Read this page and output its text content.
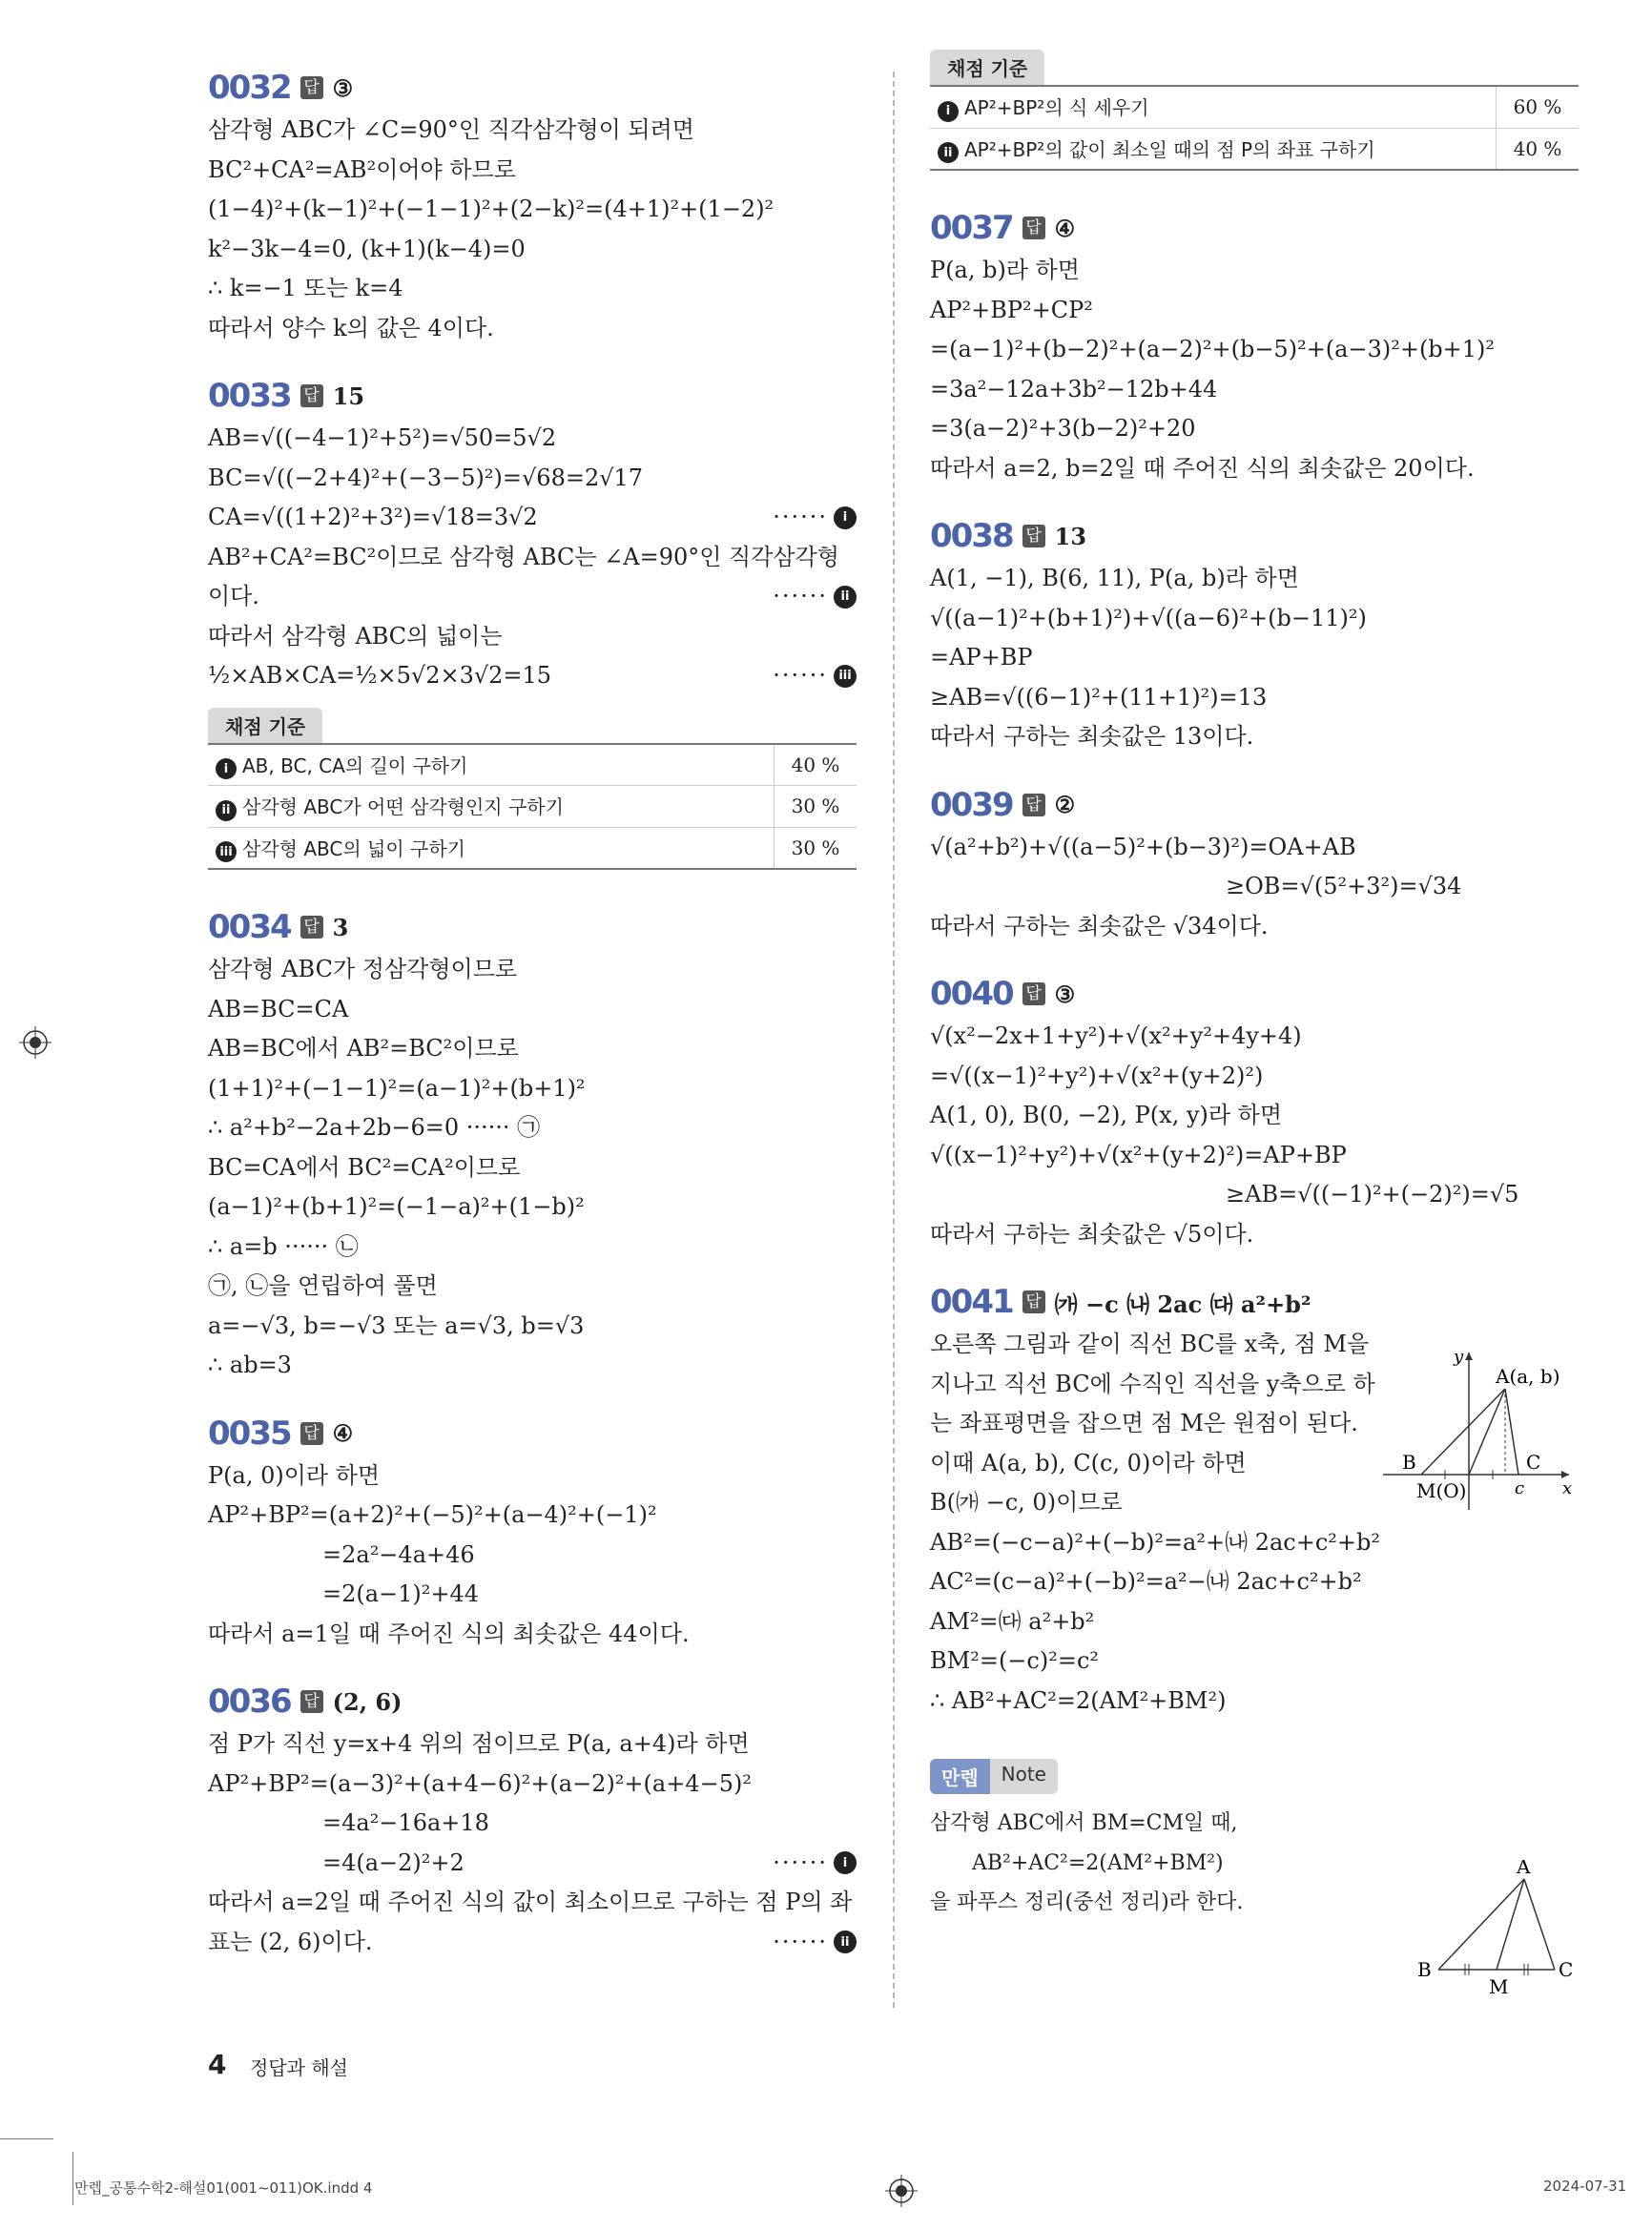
0032 답 ③
삼각형 ABC가 ∠C=90°인 직각삼각형이 되려면
BC²+CA²=AB²이어야 하므로
(1−4)²+(k−1)²+(−1−1)²+(2−k)²=(4+1)²+(1−2)²
k²−3k−4=0, (k+1)(k−4)=0
∴ k=−1 또는 k=4
따라서 양수 k의 값은 4이다.
0033 답 15
AB=√((−4−1)²+5²)=√50=5√2
BC=√((−2+4)²+(−3−5)²)=√68=2√17
CA=√((1+2)²+3²)=√18=3√2	······	i
AB²+CA²=BC²이므로 삼각형 ABC는 ∠A=90°인 직각삼각형
이다.	······	ii
따라서 삼각형 ABC의 넓이는
½×AB×CA=½×5√2×3√2=15	······ iii
채점 기준
i AB, BC, CA의 길이 구하기	40 %
ii 삼각형 ABC가 어떤 삼각형인지 구하기	30 %
iii 삼각형 ABC의 넓이 구하기	30 %
0034 답 3
삼각형 ABC가 정삼각형이므로
AB=BC=CA
AB=BC에서 AB²=BC²이므로
(1+1)²+(−1−1)²=(a−1)²+(b+1)²
∴ a²+b²−2a+2b−6=0 ······ ㉠
BC=CA에서 BC²=CA²이므로
(a−1)²+(b+1)²=(−1−a)²+(1−b)²
∴ a=b ······ ㉡
㉠, ㉡을 연립하여 풀면
a=−√3, b=−√3 또는 a=√3, b=√3
∴ ab=3
0035 답 ④
P(a, 0)이라 하면
AP²+BP²=(a+2)²+(−5)²+(a−4)²+(−1)²
=2a²−4a+46
=2(a−1)²+44
따라서 a=1일 때 주어진 식의 최솟값은 44이다.
0036 답 (2, 6)
점 P가 직선 y=x+4 위의 점이므로 P(a, a+4)라 하면
AP²+BP²=(a−3)²+(a+4−6)²+(a−2)²+(a+4−5)²
=4a²−16a+18
=4(a−2)²+2	······	i
따라서 a=2일 때 주어진 식의 값이 최소이므로 구하는 점 P의 좌
표는 (2, 6)이다.	······	ii
채점 기준
i AP²+BP²의 식 세우기	60 %
ii AP²+BP²의 값이 최소일 때의 점 P의 좌표 구하기	40 %
0037 답 ④
P(a, b)라 하면
AP²+BP²+CP²
=(a−1)²+(b−2)²+(a−2)²+(b−5)²+(a−3)²+(b+1)²
=3a²−12a+3b²−12b+44
=3(a−2)²+3(b−2)²+20
따라서 a=2, b=2일 때 주어진 식의 최솟값은 20이다.
0038 답 13
A(1, −1), B(6, 11), P(a, b)라 하면
√((a−1)²+(b+1)²)+√((a−6)²+(b−11)²)
=AP+BP
≥AB=√((6−1)²+(11+1)²)=13
따라서 구하는 최솟값은 13이다.
0039 답 ②
√(a²+b²)+√((a−5)²+(b−3)²)=OA+AB
≥OB=√(5²+3²)=√34
따라서 구하는 최솟값은 √34이다.
0040 답 ③
√(x²−2x+1+y²)+√(x²+y²+4y+4)
=√((x−1)²+y²)+√(x²+(y+2)²)
A(1, 0), B(0, −2), P(x, y)라 하면
√((x−1)²+y²)+√(x²+(y+2)²)=AP+BP
≥AB=√((−1)²+(−2)²)=√5
따라서 구하는 최솟값은 √5이다.
0041 답 ㈎ −c ㈏ 2ac ㈐ a²+b²
오른쪽 그림과 같이 직선 BC를 x축, 점 M을
지나고 직선 BC에 수직인 직선을 y축으로 하
는 좌표평면을 잡으면 점 M은 원점이 된다.
이때 A(a, b), C(c, 0)이라 하면
B(㈎ −c, 0)이므로
AB²=(−c−a)²+(−b)²=a²+㈏ 2ac+c²+b²
AC²=(c−a)²+(−b)²=a²−㈏ 2ac+c²+b²
AM²=㈐ a²+b²
BM²=(−c)²=c²
∴ AB²+AC²=2(AM²+BM²)
만렙	Note
삼각형 ABC에서 BM=CM일 때,
AB²+AC²=2(AM²+BM²)
을 파푸스 정리(중선 정리)라 한다.
A(a, b)
B	C
M(O)	c x
y
A
B	C
M
4 정답과 해설
만렙_공통수학2-해설01(001~011)OK.indd 4	2024-07-31
